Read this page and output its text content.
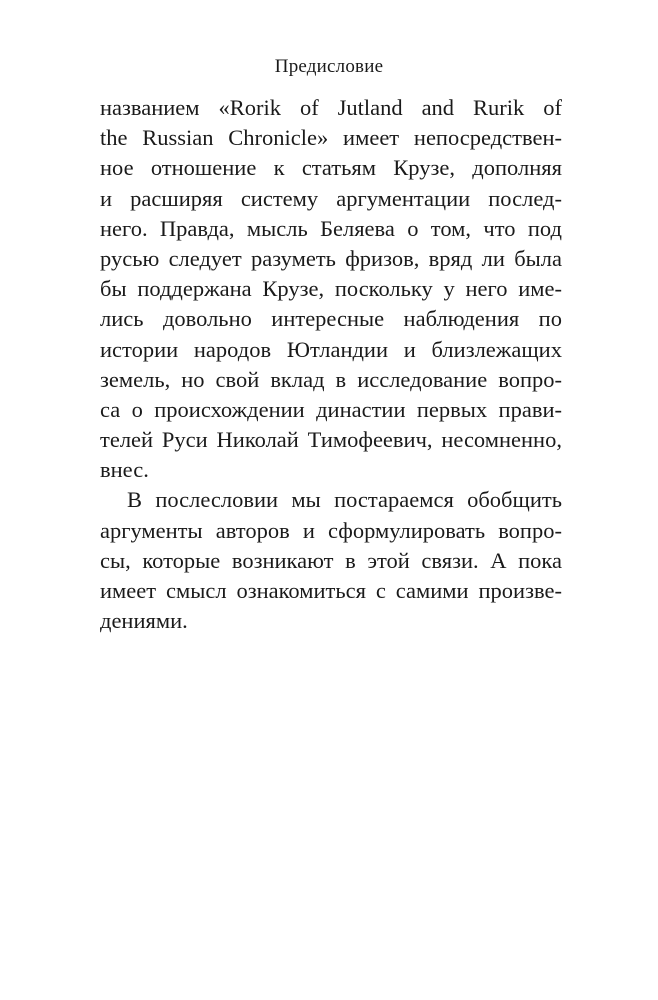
Предисловие
названием «Rorik of Jutland and Rurik of
the Russian Chronicle» имеет непосредствен-
ное отношение к статьям Крузе, дополняя
и расширяя систему аргументации послед-
него. Правда, мысль Беляева о том, что под
русью следует разуметь фризов, вряд ли была
бы поддержана Крузе, поскольку у него име-
лись довольно интересные наблюдения по
истории народов Ютландии и близлежащих
земель, но свой вклад в исследование вопро-
са о происхождении династии первых прави-
телей Руси Николай Тимофеевич, несомненно,
внес.
В послесловии мы постараемся обобщить
аргументы авторов и сформулировать вопро-
сы, которые возникают в этой связи. А пока
имеет смысл ознакомиться с самими произве-
дениями.
